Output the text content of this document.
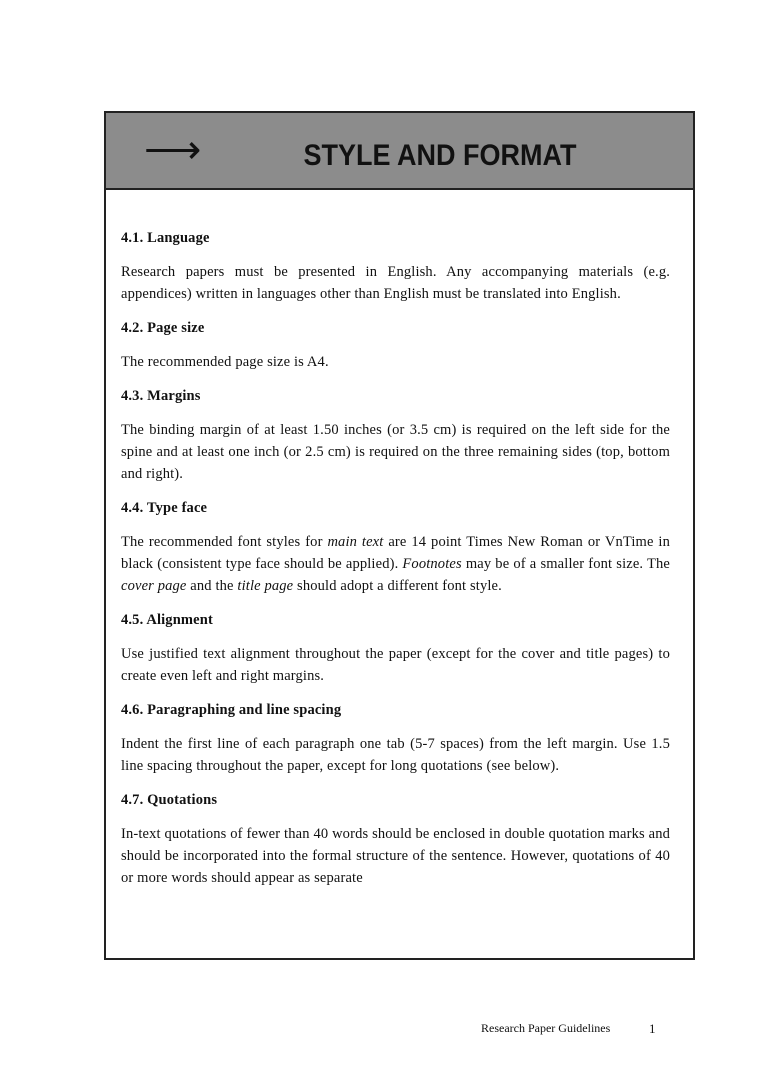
⟶	STYLE AND FORMAT
4.1. Language

Research papers must be presented in English. Any accompanying materials (e.g. appendices) written in languages other than English must be translated into English.

4.2. Page size

The recommended page size is A4.

4.3. Margins

The binding margin of at least 1.50 inches (or 3.5 cm) is required on the left side for the spine and at least one inch (or 2.5 cm) is required on the three remaining sides (top, bottom and right).

4.4. Type face

The recommended font styles for main text are 14 point Times New Roman or VnTime in black (consistent type face should be applied). Footnotes may be of a smaller font size. The cover page and the title page should adopt a different font style.

4.5. Alignment

Use justified text alignment throughout the paper (except for the cover and title pages) to create even left and right margins.

4.6. Paragraphing and line spacing

Indent the first line of each paragraph one tab (5-7 spaces) from the left margin. Use 1.5 line spacing throughout the paper, except for long quotations (see below).

4.7. Quotations

In-text quotations of fewer than 40 words should be enclosed in double quotation marks and should be incorporated into the formal structure of the sentence. However, quotations of 40 or more words should appear as separate

Research Paper Guidelines	1
